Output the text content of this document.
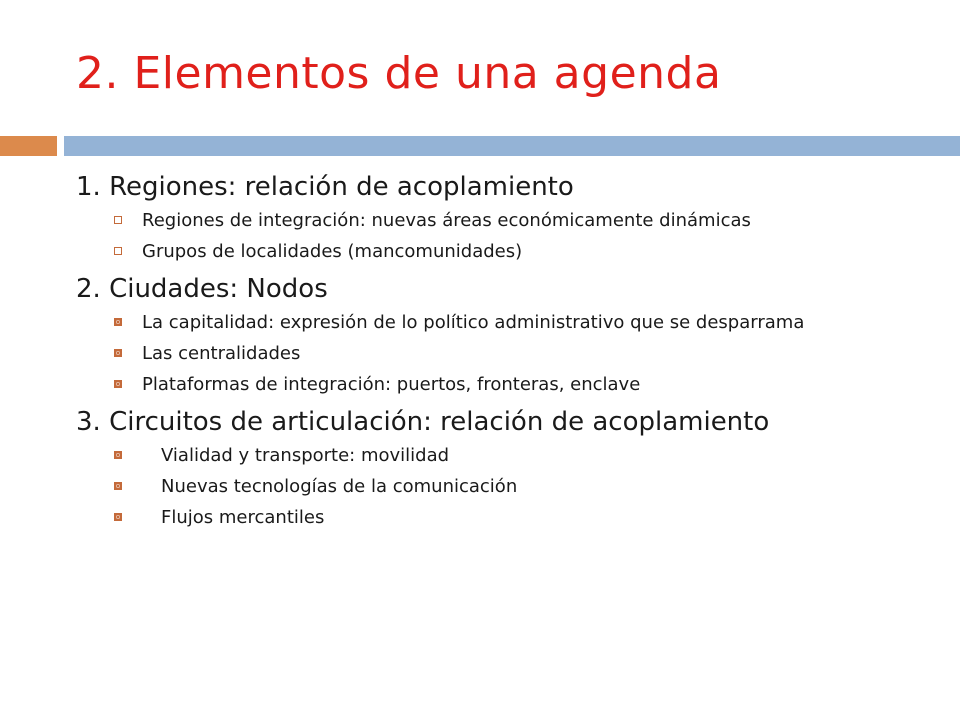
2. Elementos de una agenda

1. Regiones: relación de acoplamiento

Regiones de integración: nuevas áreas económicamente dinámicas
Grupos de localidades (mancomunidades)

2. Ciudades: Nodos

La capitalidad: expresión de lo político administrativo que se desparrama
Las centralidades
Plataformas de integración: puertos, fronteras, enclave

3. Circuitos de articulación: relación de acoplamiento

Vialidad y transporte: movilidad
Nuevas tecnologías de la comunicación
Flujos mercantiles
